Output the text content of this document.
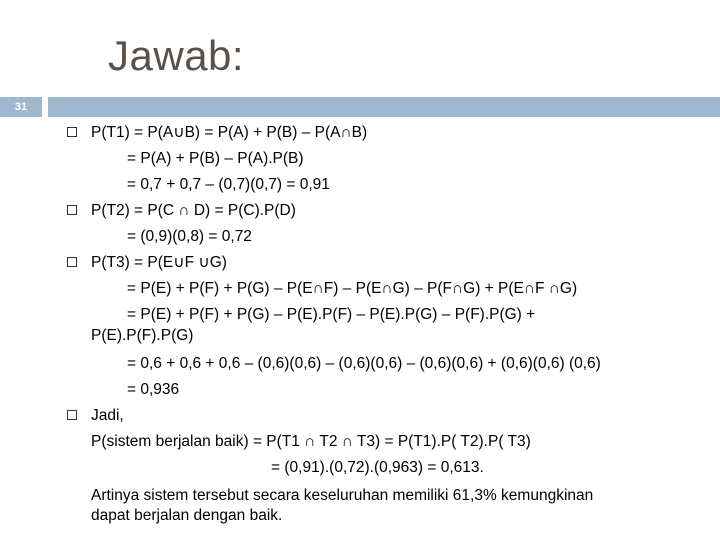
Jawab:
31
P(T1) = P(A∪B) = P(A) + P(B) – P(A∩B)
= P(A) + P(B) – P(A).P(B)
= 0,7 + 0,7 – (0,7)(0,7) = 0,91
P(T2) = P(C ∩ D) = P(C).P(D)
= (0,9)(0,8) = 0,72
P(T3) = P(E∪F ∪G)
= P(E) + P(F) + P(G) – P(E∩F) – P(E∩G) – P(F∩G) + P(E∩F ∩G)
= P(E) + P(F) + P(G) – P(E).P(F) – P(E).P(G) – P(F).P(G) +
P(E).P(F).P(G)
= 0,6 + 0,6 + 0,6 – (0,6)(0,6) – (0,6)(0,6) – (0,6)(0,6) + (0,6)(0,6) (0,6)
= 0,936
Jadi,
P(sistem berjalan baik) = P(T1 ∩ T2 ∩ T3) = P(T1).P( T2).P( T3)
= (0,91).(0,72).(0,963) = 0,613.
Artinya sistem tersebut secara keseluruhan memiliki 61,3% kemungkinan
dapat berjalan dengan baik.
